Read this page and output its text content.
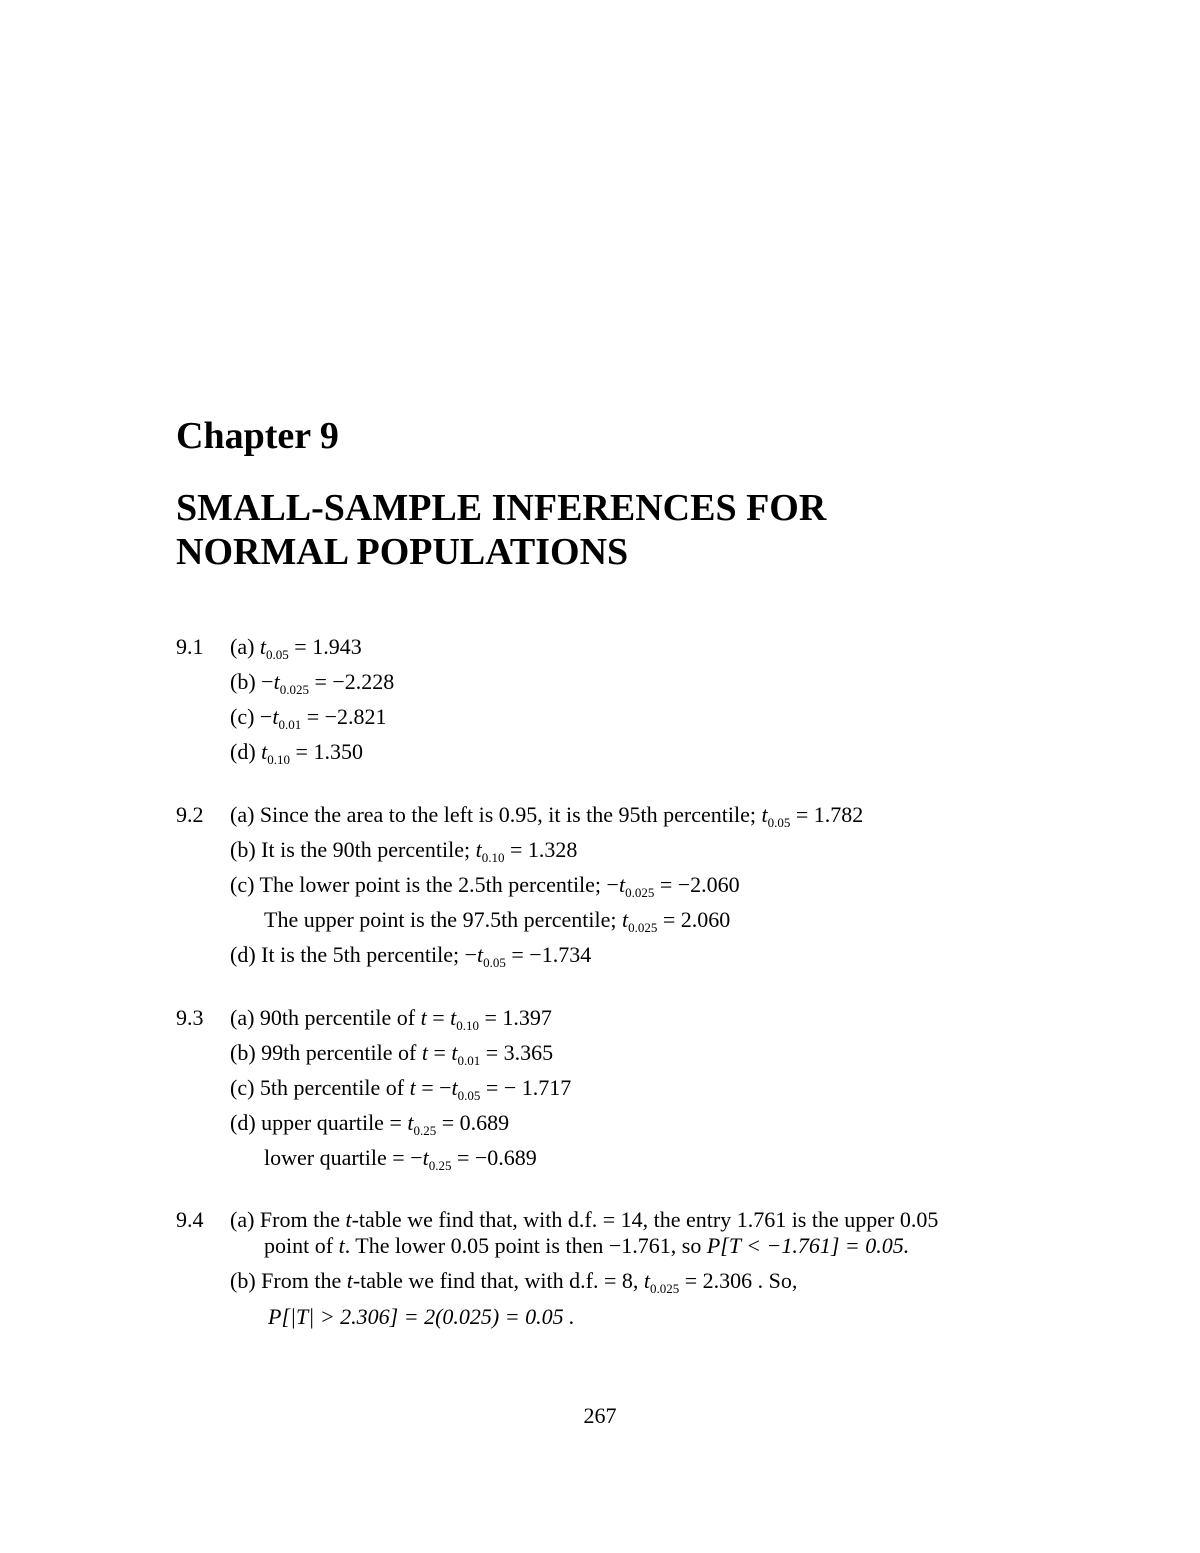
Chapter 9
SMALL-SAMPLE INFERENCES FOR
NORMAL POPULATIONS
9.1 (a) $t_{0.05} = 1.943$
$(b) -t_{0.025} = -2.228$
$(c) -t_{0.01} = -2.821$
(d) $t_{0.10} = 1.350$
9.2 (a) Since the area to the left is 0.95, it is the 95th percentile; $t_{0.05} = 1.782$
(b) It is the 90th percentile; $t_{0.10} = 1.328$
(c) The lower point is the 2.5th percentile; $-t_{0.025} = -2.060$
The upper point is the 97.5th percentile; $t_{0.025} = 2.060$
(d) It is the 5th percentile; $-t_{0.05} = -1.734$
9.3 (a) 90th percentile of $t = t_{0.10} = 1.397$
(b) 99th percentile of $t = t_{0.01} = 3.365$
(c) 5th percentile of $t = -t_{0.05}$ = − 1.717
(d) upper quartile = $t_{0.25} = 0.689$
lower quartile = $-t_{0.25} = -0.689$
9.4 (a) From the t-table we find that, with d.f. = 14, the entry 1.761 is the upper 0.05
point of t. The lower 0.05 point is then −1.761, so P[T < −1.761] = 0.05.
(b) From the t-table we find that, with d.f. = 8, $t_{0.025} = 2.306$ . So,
P[|T| > 2.306] = 2(0.025) = 0.05 .
267
